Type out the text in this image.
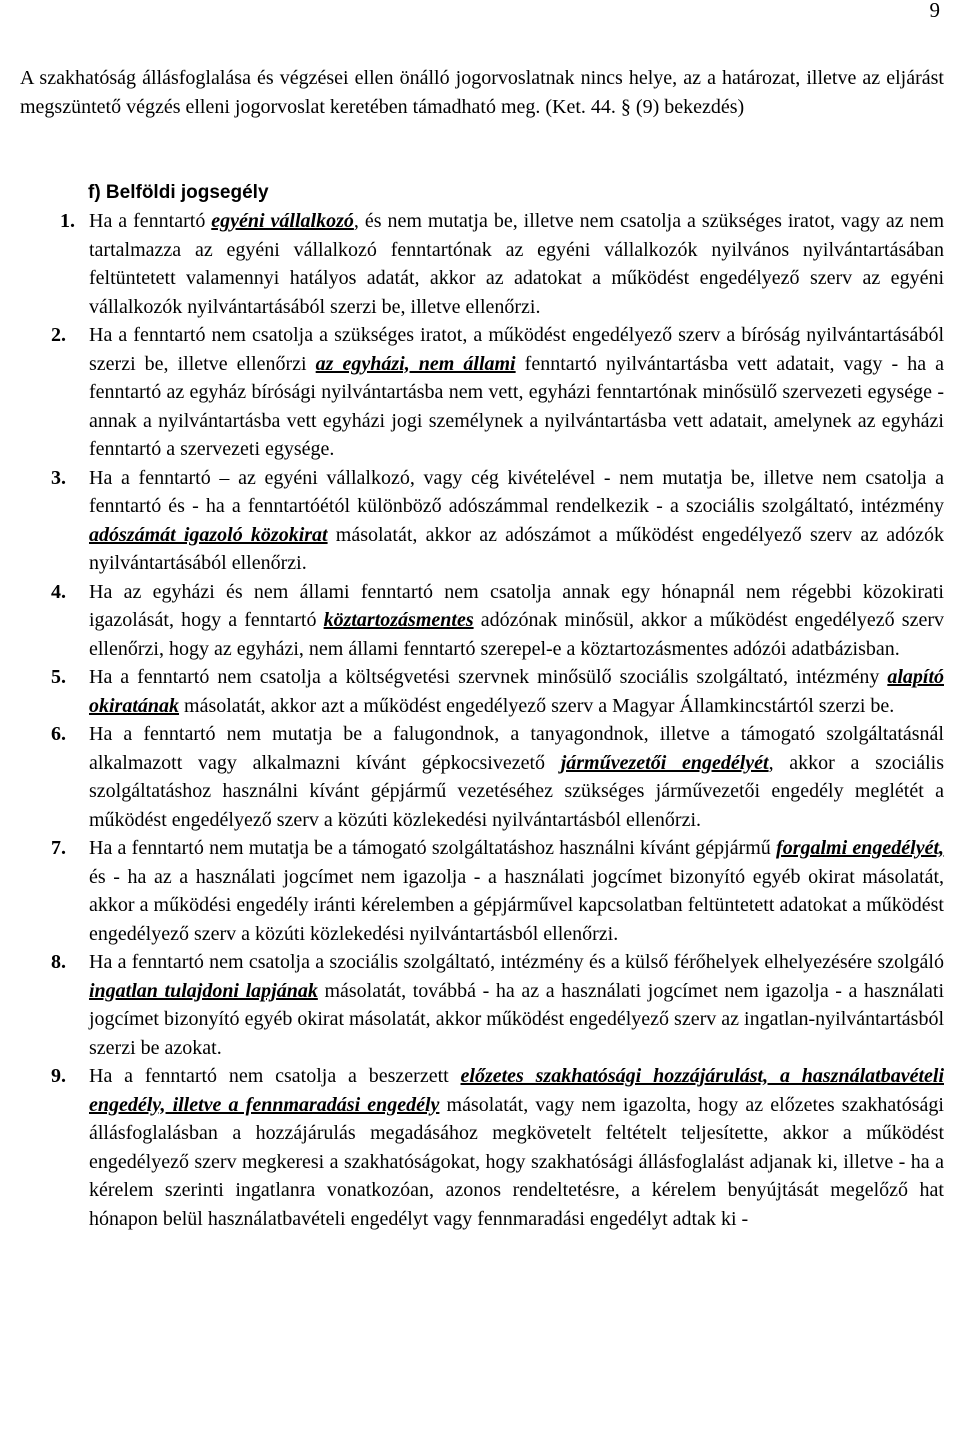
9

A szakhatóság állásfoglalása és végzései ellen önálló jogorvoslatnak nincs helye, az a határozat, illetve az eljárást megszüntető végzés elleni jogorvoslat keretében támadható meg. (Ket. 44. § (9) bekezdés)

f) Belföldi jogsegély
1. Ha a fenntartó egyéni vállalkozó, és nem mutatja be, illetve nem csatolja a szükséges iratot, vagy az nem tartalmazza az egyéni vállalkozó fenntartónak az egyéni vállalkozók nyilvános nyilvántartásában feltüntetett valamennyi hatályos adatát, akkor az adatokat a működést engedélyező szerv az egyéni vállalkozók nyilvántartásából szerzi be, illetve ellenőrzi.
2. Ha a fenntartó nem csatolja a szükséges iratot, a működést engedélyező szerv a bíróság nyilvántartásából szerzi be, illetve ellenőrzi az egyházi, nem állami fenntartó nyilvántartásba vett adatait, vagy - ha a fenntartó az egyház bírósági nyilvántartásba nem vett, egyházi fenntartónak minősülő szervezeti egysége - annak a nyilvántartásba vett egyházi jogi személynek a nyilvántartásba vett adatait, amelynek az egyházi fenntartó a szervezeti egysége.
3. Ha a fenntartó – az egyéni vállalkozó, vagy cég kivételével - nem mutatja be, illetve nem csatolja a fenntartó és - ha a fenntartóétól különböző adószámmal rendelkezik - a szociális szolgáltató, intézmény adószámát igazoló közokirat másolatát, akkor az adószámot a működést engedélyező szerv az adózók nyilvántartásából ellenőrzi.
4. Ha az egyházi és nem állami fenntartó nem csatolja annak egy hónapnál nem régebbi közokirati igazolását, hogy a fenntartó köztartozásmentes adózónak minősül, akkor a működést engedélyező szerv ellenőrzi, hogy az egyházi, nem állami fenntartó szerepel-e a köztartozásmentes adózói adatbázisban.
5. Ha a fenntartó nem csatolja a költségvetési szervnek minősülő szociális szolgáltató, intézmény alapító okiratának másolatát, akkor azt a működést engedélyező szerv a Magyar Államkincstártól szerzi be.
6. Ha a fenntartó nem mutatja be a falugondnok, a tanyagondnok, illetve a támogató szolgáltatásnál alkalmazott vagy alkalmazni kívánt gépkocsivezető járművezetői engedélyét, akkor a szociális szolgáltatáshoz használni kívánt gépjármű vezetéséhez szükséges járművezetői engedély meglétét a működést engedélyező szerv a közúti közlekedési nyilvántartásból ellenőrzi.
7. Ha a fenntartó nem mutatja be a támogató szolgáltatáshoz használni kívánt gépjármű forgalmi engedélyét, és - ha az a használati jogcímet nem igazolja - a használati jogcímet bizonyító egyéb okirat másolatát, akkor a működési engedély iránti kérelemben a gépjárművel kapcsolatban feltüntetett adatokat a működést engedélyező szerv a közúti közlekedési nyilvántartásból ellenőrzi.
8. Ha a fenntartó nem csatolja a szociális szolgáltató, intézmény és a külső férőhelyek elhelyezésére szolgáló ingatlan tulajdoni lapjának másolatát, továbbá - ha az a használati jogcímet nem igazolja - a használati jogcímet bizonyító egyéb okirat másolatát, akkor működést engedélyező szerv az ingatlan-nyilvántartásból szerzi be azokat.
9. Ha a fenntartó nem csatolja a beszerzett előzetes szakhatósági hozzájárulást, a használatbavételi engedély, illetve a fennmaradási engedély másolatát, vagy nem igazolta, hogy az előzetes szakhatósági állásfoglalásban a hozzájárulás megadásához megkövetelt feltételt teljesítette, akkor a működést engedélyező szerv megkeresi a szakhatóságokat, hogy szakhatósági állásfoglalást adjanak ki, illetve - ha a kérelem szerinti ingatlanra vonatkozóan, azonos rendeltetésre, a kérelem benyújtását megelőző hat hónapon belül használatbavételi engedélyt vagy fennmaradási engedélyt adtak ki -
